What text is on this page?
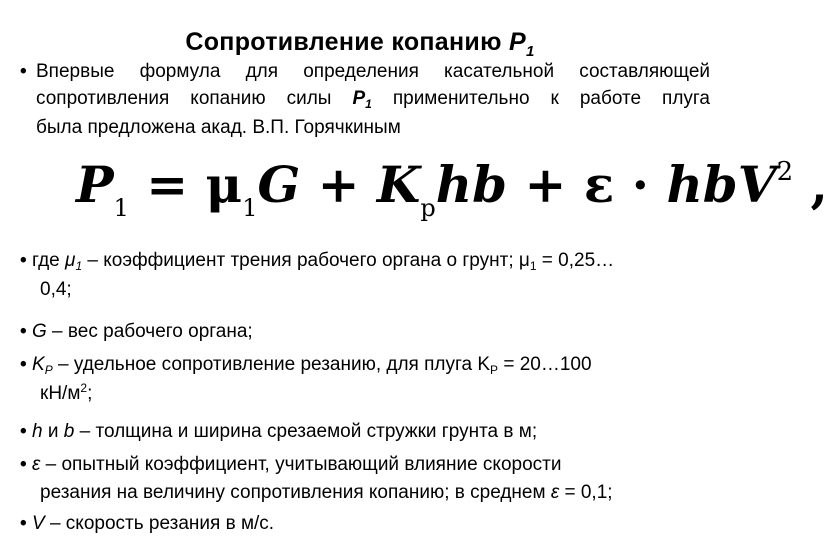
Сопротивление копанию $Р_1$
• Впервые формула для определения касательной составляющей
сопротивления копанию силы $Р_1$ применительно к работе плуга
была предложена акад. В.П. Горячкиным
$P_1 = \mu_1G + K_рhb + \varepsilon \cdot hbV^2$ ,
• где $\mu_1$ – коэффициент трения рабочего органа о грунт; $\mu_1$ = 0,25…
0,4;
• G – вес рабочего органа;
• $K_P$ – удельное сопротивление резанию, для плуга $K_P$ = 20…100
$кН/м^2$;
• h и b – толщина и ширина срезаемой стружки грунта в м;
• ε – опытный коэффициент, учитывающий влияние скорости
резания на величину сопротивления копанию; в среднем ε = 0,1;
• V – скорость резания в м/с.
